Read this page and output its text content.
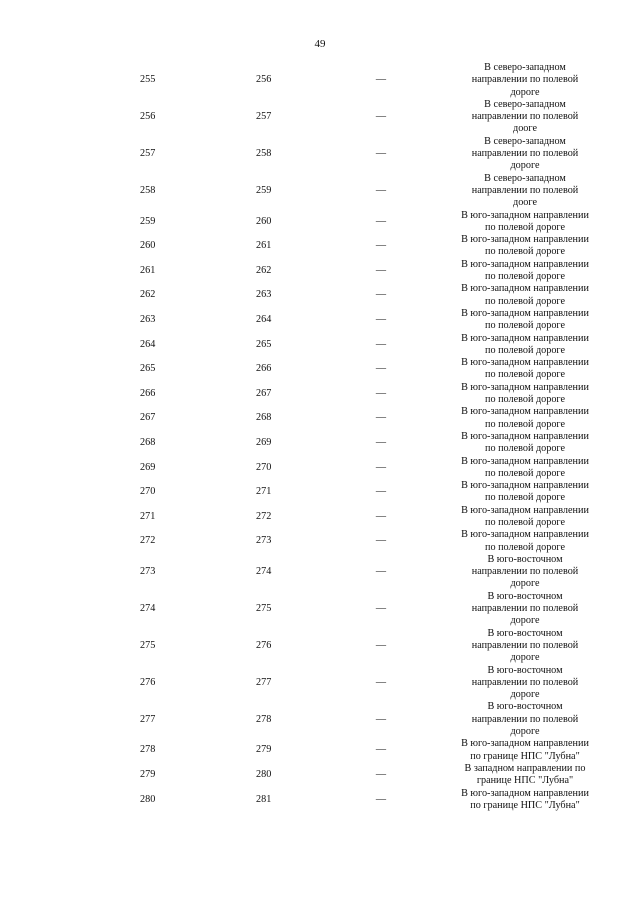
49
255	256	—
В северо-западном
направлении по полевой
дороге
256	257	—
В северо-западном
направлении по полевой
дооге
257	258	—
В северо-западном
направлении по полевой
дороге
258	259	—
В северо-западном
направлении по полевой
дооге
259	260	—
В юго-западном направлении
по полевой дороге
260	261	—
В юго-западном направлении
по полевой дороге
261	262	—
В юго-западном направлении
по полевой дороге
262	263	—
В юго-западном направлении
по полевой дороге
263	264	—
В юго-западном направлении
по полевой дороге
264	265	—
В юго-западном направлении
по полевой дороге
265	266	—
В юго-западном направлении
по полевой дороге
266	267	—
В юго-западном направлении
по полевой дороге
267	268	—
В юго-западном направлении
по полевой дороге
268	269	—
В юго-западном направлении
по полевой дороге
269	270	—
В юго-западном направлении
по полевой дороге
270	271	—
В юго-западном направлении
по полевой дороге
271	272	—
В юго-западном направлении
по полевой дороге
272	273	—
В юго-западном направлении
по полевой дороге
273	274	—
В юго-восточном
направлении по полевой
дороге
274	275	—
В юго-восточном
направлении по полевой
дороге
275	276	—
В юго-восточном
направлении по полевой
дороге
276	277	—
В юго-восточном
направлении по полевой
дороге
277	278	—
В юго-восточном
направлении по полевой
дороге
278	279	—
В юго-западном направлении
по границе НПС "Лубна"
279	280	—
В западном направлении по
границе НПС "Лубна"
280	281	—
В юго-западном направлении
по границе НПС "Лубна"
